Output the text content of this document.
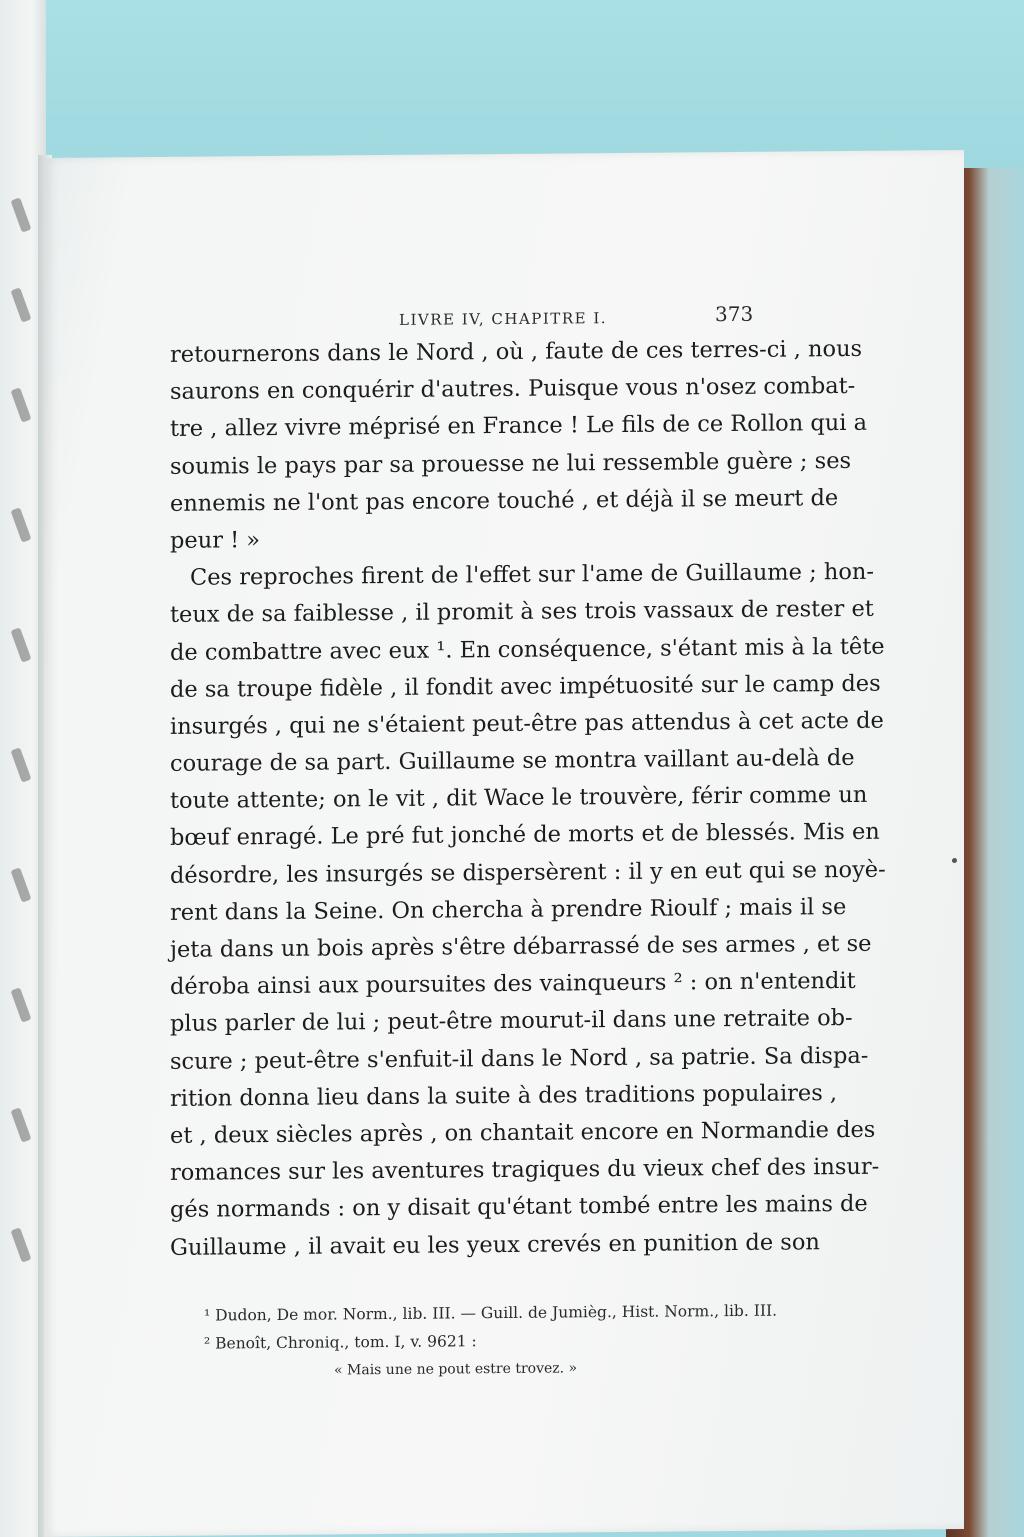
LIVRE IV, CHAPITRE I.	373
retournerons dans le Nord , où , faute de ces terres-ci , nous
saurons en conquérir d'autres. Puisque vous n'osez combat-
tre , allez vivre méprisé en France ! Le fils de ce Rollon qui a
soumis le pays par sa prouesse ne lui ressemble guère ; ses
ennemis ne l'ont pas encore touché , et déjà il se meurt de
peur ! »
Ces reproches firent de l'effet sur l'ame de Guillaume ; hon-
teux de sa faiblesse , il promit à ses trois vassaux de rester et
de combattre avec eux ¹. En conséquence, s'étant mis à la tête
de sa troupe fidèle , il fondit avec impétuosité sur le camp des
insurgés , qui ne s'étaient peut-être pas attendus à cet acte de
courage de sa part. Guillaume se montra vaillant au-delà de
toute attente; on le vit , dit Wace le trouvère, férir comme un
bœuf enragé. Le pré fut jonché de morts et de blessés. Mis en
désordre, les insurgés se dispersèrent : il y en eut qui se noyè-
rent dans la Seine. On chercha à prendre Rioulf ; mais il se
jeta dans un bois après s'être débarrassé de ses armes , et se
déroba ainsi aux poursuites des vainqueurs ² : on n'entendit
plus parler de lui ; peut-être mourut-il dans une retraite ob-
scure ; peut-être s'enfuit-il dans le Nord , sa patrie. Sa dispa-
rition donna lieu dans la suite à des traditions populaires ,
et , deux siècles après , on chantait encore en Normandie des
romances sur les aventures tragiques du vieux chef des insur-
gés normands : on y disait qu'étant tombé entre les mains de
Guillaume , il avait eu les yeux crevés en punition de son
¹ Dudon, De mor. Norm., lib. III. — Guill. de Jumièg., Hist. Norm., lib. III.
² Benoît, Chroniq., tom. I, v. 9621 :
« Mais une ne pout estre trovez. »
